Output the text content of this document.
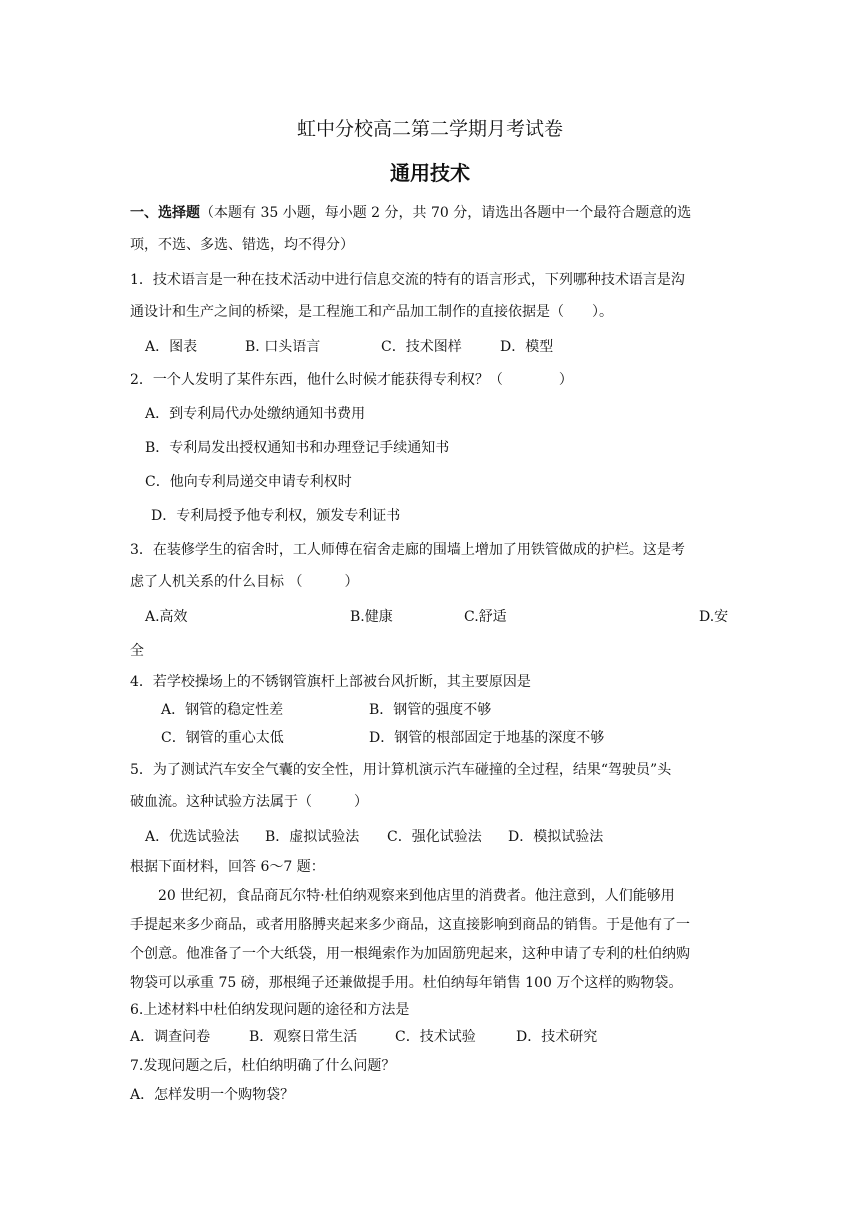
虹中分校高二第二学期月考试卷
通用技术
一、选择题（本题有 35 小题，每小题 2 分，共 70 分，请选出各题中一个最符合题意的选
项，不选、多选、错选，均不得分）
1．技术语言是一种在技术活动中进行信息交流的特有的语言形式，下列哪种技术语言是沟
通设计和生产之间的桥梁，是工程施工和产品加工制作的直接依据是（　　）。
A．图表	B. 口头语言	C．技术图样	D．模型
2．一个人发明了某件东西，他什么时候才能获得专利权？（　　　　）
A．到专利局代办处缴纳通知书费用
B．专利局发出授权通知书和办理登记手续通知书
C．他向专利局递交申请专利权时
D．专利局授予他专利权，颁发专利证书
3．在装修学生的宿舍时，工人师傅在宿舍走廊的围墙上增加了用铁管做成的护栏。这是考
虑了人机关系的什么目标 （　　　）
A.高效	B.健康	C.舒适	D.安
全
4．若学校操场上的不锈钢管旗杆上部被台风折断，其主要原因是
A．钢管的稳定性差	B．钢管的强度不够
C．钢管的重心太低	D．钢管的根部固定于地基的深度不够
5．为了测试汽车安全气囊的安全性，用计算机演示汽车碰撞的全过程，结果“驾驶员”头
破血流。这种试验方法属于（　　　）
A．优选试验法 B．虚拟试验法 C．强化试验法 D．模拟试验法
根据下面材料，回答 6～7 题：
20 世纪初，食品商瓦尔特·杜伯纳观察来到他店里的消费者。他注意到，人们能够用
手提起来多少商品，或者用胳膊夹起来多少商品，这直接影响到商品的销售。于是他有了一
个创意。他准备了一个大纸袋，用一根绳索作为加固筋兜起来，这种申请了专利的杜伯纳购
物袋可以承重 75 磅，那根绳子还兼做提手用。杜伯纳每年销售 100 万个这样的购物袋。
6.上述材料中杜伯纳发现问题的途径和方法是
A．调查问卷	B．观察日常生活	C．技术试验	D．技术研究
7.发现问题之后，杜伯纳明确了什么问题？
A．怎样发明一个购物袋？
